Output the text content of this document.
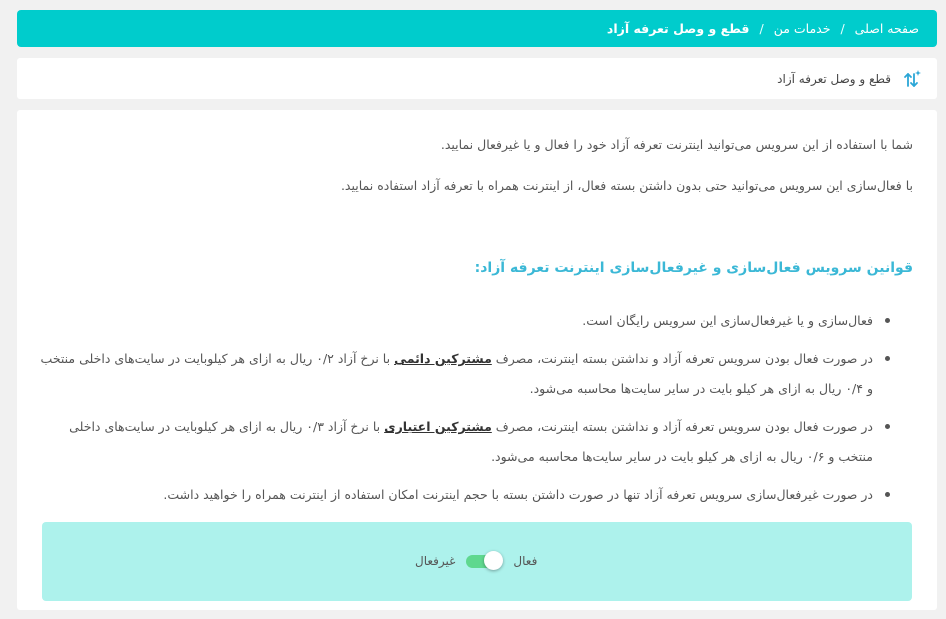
صفحه اصلی
/
خدمات من
/
قطع و وصل تعرفه آزاد
قطع و وصل تعرفه آزاد

شما با استفاده از این سرویس می‌توانید اینترنت تعرفه آزاد خود را فعال و یا غیرفعال نمایید.

با فعال‌سازی این سرویس می‌توانید حتی بدون داشتن بسته فعال، از اینترنت همراه با تعرفه آزاد استفاده نمایید.

قوانین سرویس فعال‌سازی و غیرفعال‌سازی اینترنت تعرفه آزاد:
فعال‌سازی و یا غیرفعال‌سازی این سرویس رایگان است.
در صورت فعال بودن سرویس تعرفه آزاد و نداشتن بسته اینترنت، مصرف مشترکین دائمی با نرخ آزاد ۰/۲ ریال به ازای هر کیلوبایت در سایت‌های داخلی منتخب و ۰/۴ ریال به ازای هر کیلو بایت در سایر سایت‌ها محاسبه می‌شود.
در صورت فعال بودن سرویس تعرفه آزاد و نداشتن بسته اینترنت، مصرف مشترکین اعتباری با نرخ آزاد ۰/۳ ریال به ازای هر کیلوبایت در سایت‌های داخلی منتخب و ۰/۶ ریال به ازای هر کیلو بایت در سایر سایت‌ها محاسبه می‌شود.
در صورت غیرفعال‌سازی سرویس تعرفه آزاد تنها در صورت داشتن بسته با حجم اینترنت امکان استفاده از اینترنت همراه را خواهید داشت.
غیرفعال	فعال
